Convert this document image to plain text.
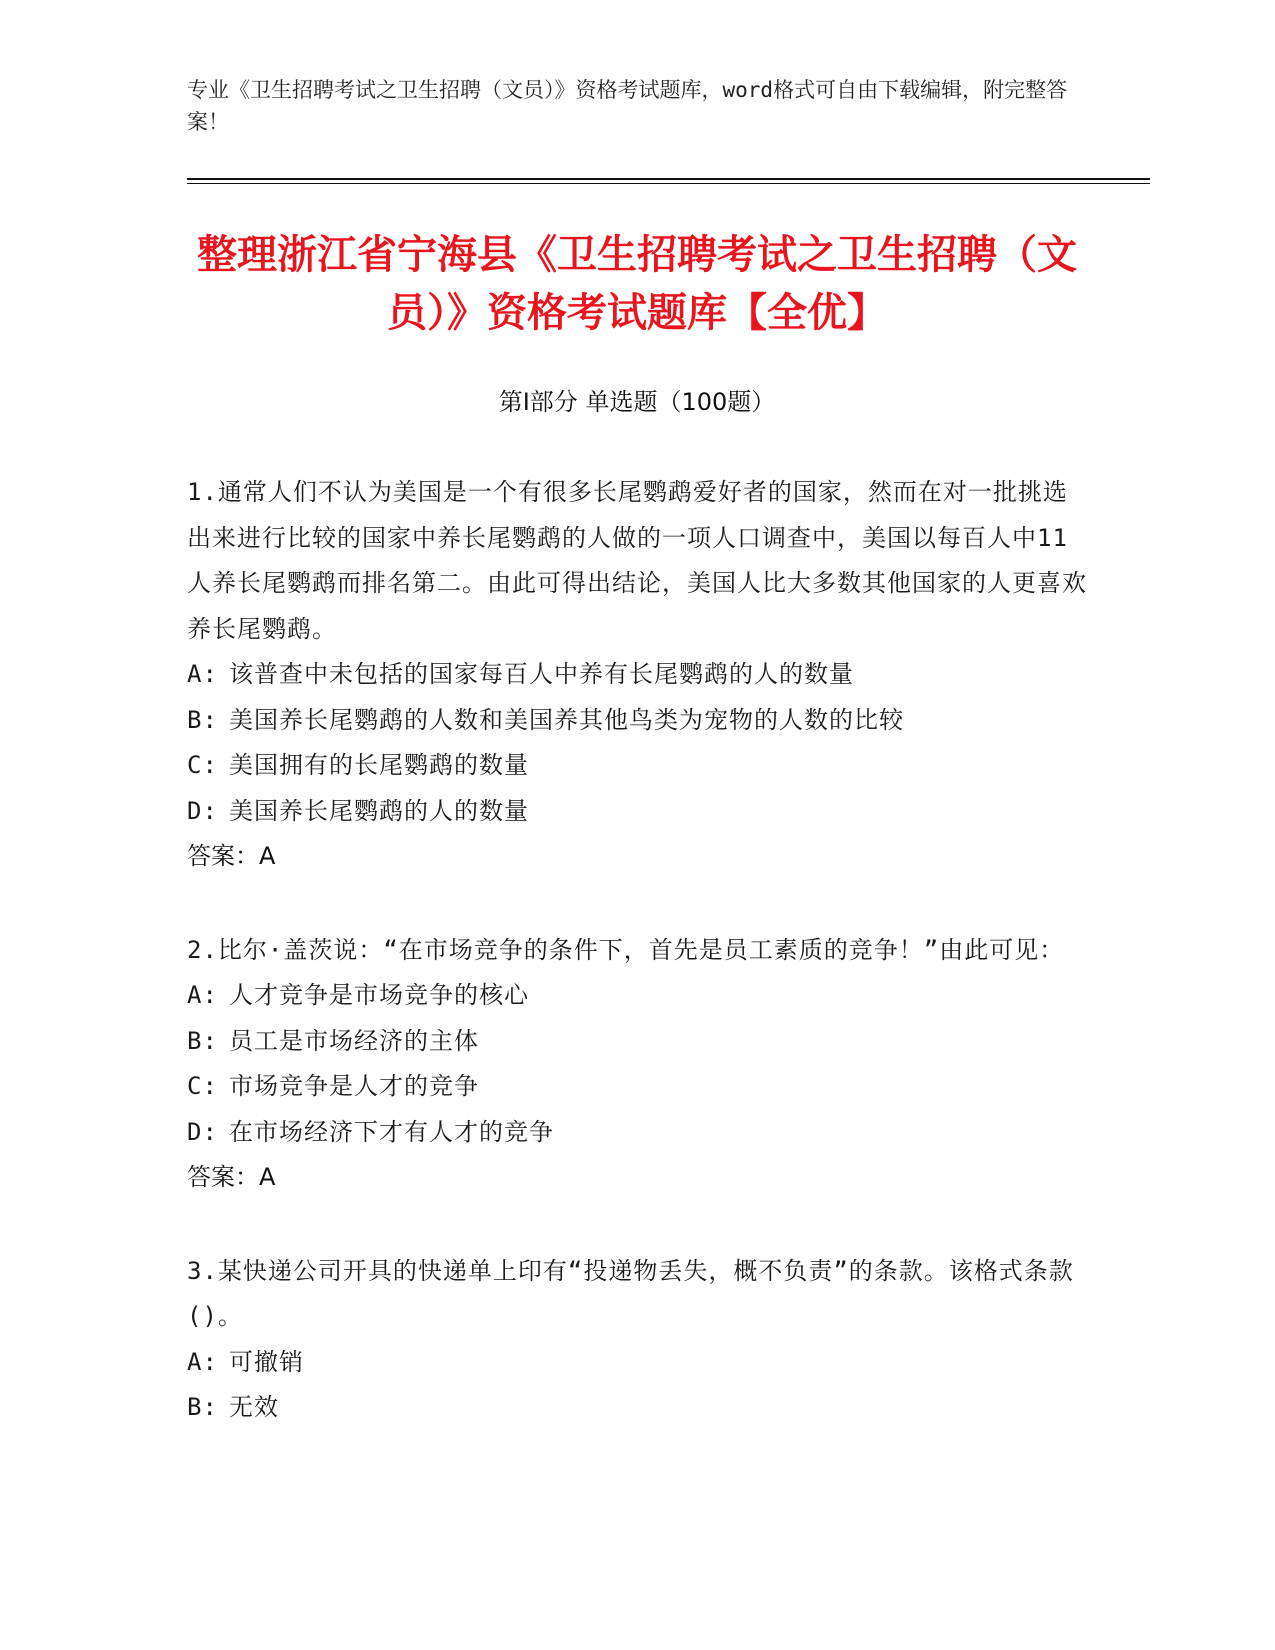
专业《卫生招聘考试之卫生招聘（文员）》资格考试题库，word格式可自由下载编辑，附完整答案！
整理浙江省宁海县《卫生招聘考试之卫生招聘（文员）》资格考试题库【全优】
第Ⅰ部分 单选题（100题）
1.通常人们不认为美国是一个有很多长尾鹦鹉爱好者的国家，然而在对一批挑选出来进行比较的国家中养长尾鹦鹉的人做的一项人口调查中，美国以每百人中11人养长尾鹦鹉而排名第二。由此可得出结论，美国人比大多数其他国家的人更喜欢养长尾鹦鹉。
A: 该普查中未包括的国家每百人中养有长尾鹦鹉的人的数量
B: 美国养长尾鹦鹉的人数和美国养其他鸟类为宠物的人数的比较
C: 美国拥有的长尾鹦鹉的数量
D: 美国养长尾鹦鹉的人的数量
答案：A
2.比尔·盖茨说：“在市场竞争的条件下，首先是员工素质的竞争！”由此可见：
A: 人才竞争是市场竞争的核心
B: 员工是市场经济的主体
C: 市场竞争是人才的竞争
D: 在市场经济下才有人才的竞争
答案：A
3.某快递公司开具的快递单上印有“投递物丢失，概不负责”的条款。该格式条款()。
A: 可撤销
B: 无效
